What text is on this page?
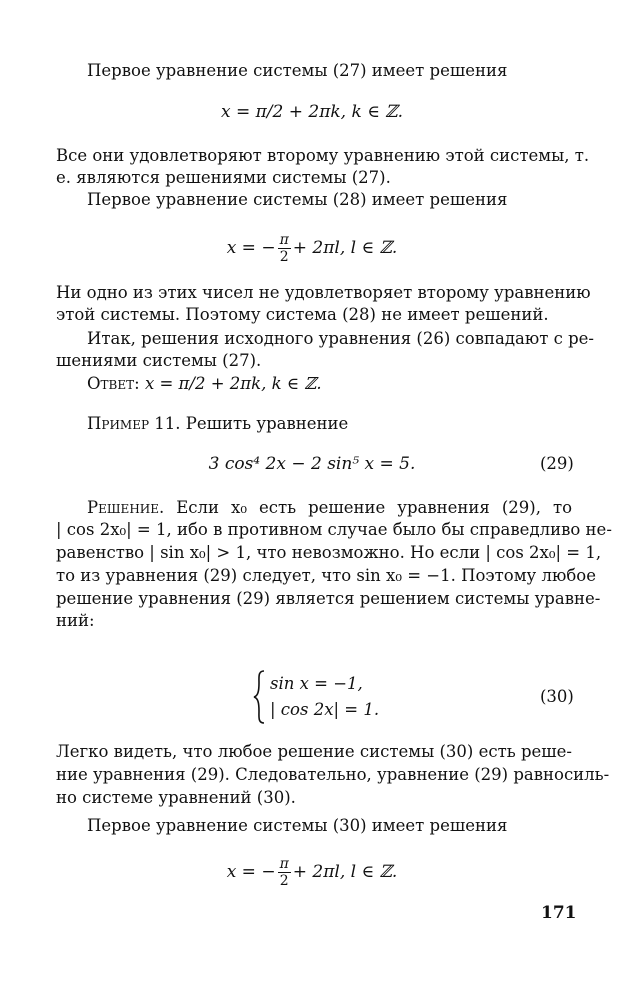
Первое уравнение системы (27) имеет решения
x = π/2 + 2πk, k ∈ ℤ.
Все они удовлетворяют второму уравнению этой системы, т.
е. являются решениями системы (27).
Первое уравнение системы (28) имеет решения
x = − $\frac{\pi}{2} + 2\pi l$, l ∈ ℤ.
Ни одно из этих чисел не удовлетворяет второму уравнению
этой системы. Поэтому система (28) не имеет решений.
Итак, решения исходного уравнения (26) совпадают с ре-
шениями системы (27).
Ответ: x = π/2 + 2πk, k ∈ ℤ.
Пример 11. Решить уравнение
3 cos⁴ 2x − 2 sin⁵ x = 5.	(29)
Решение. Если x₀ есть решение уравнения (29), то
| cos 2x₀| = 1, ибо в противном случае было бы справедливо не-
равенство | sin x₀| > 1, что невозможно. Но если | cos 2x₀| = 1,
то из уравнения (29) следует, что sin x₀ = −1. Поэтому любое
решение уравнения (29) является решением системы уравне-
ний:
sin x = −1,
| cos 2x| = 1.
(30)
Легко видеть, что любое решение системы (30) есть реше-
ние уравнения (29). Следовательно, уравнение (29) равносиль-
но системе уравнений (30).
Первое уравнение системы (30) имеет решения
x = − $\frac{\pi}{2} + 2\pi l$, l ∈ ℤ.
171
